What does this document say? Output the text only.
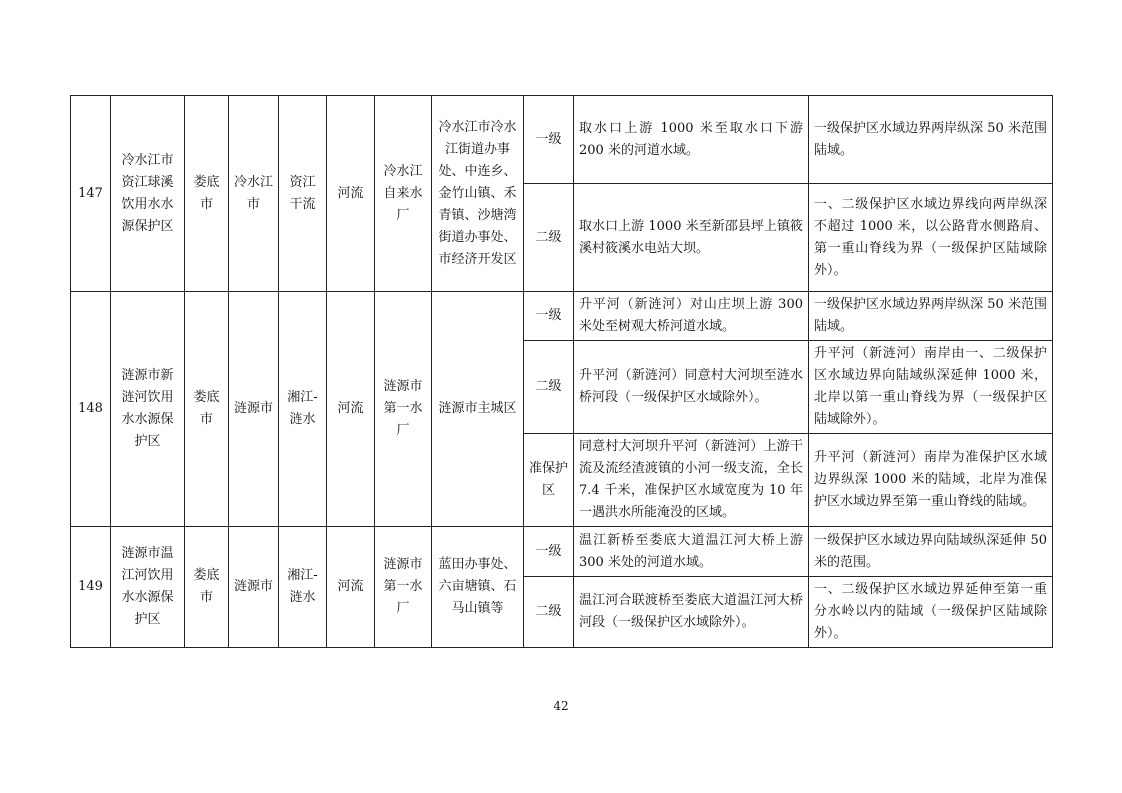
147	冷水江市资江球溪饮用水水源保护区	娄底市	冷水江市	资江干流	河流	冷水江自来水厂	冷水江市冷水江街道办事处、中连乡、金竹山镇、禾青镇、沙塘湾街道办事处、市经济开发区	一级	取水口上游 1000 米至取水口下游 200 米的河道水域。	一级保护区水域边界两岸纵深 50 米范围陆域。
								二级	取水口上游 1000 米至新邵县坪上镇筱溪村筱溪水电站大坝。	一、二级保护区水域边界线向两岸纵深不超过 1000 米，以公路背水侧路肩、第一重山脊线为界（一级保护区陆域除外）。
148	涟源市新涟河饮用水水源保护区	娄底市	涟源市	湘江-涟水	河流	涟源市第一水厂	涟源市主城区	一级	升平河（新涟河）对山庄坝上游 300 米处至树观大桥河道水域。	一级保护区水域边界两岸纵深 50 米范围陆域。
								二级	升平河（新涟河）同意村大河坝至涟水桥河段（一级保护区水域除外）。	升平河（新涟河）南岸由一、二级保护区水域边界向陆域纵深延伸 1000 米，北岸以第一重山脊线为界（一级保护区陆域除外）。
								准保护区	同意村大河坝升平河（新涟河）上游干流及流经渣渡镇的小河一级支流，全长 7.4 千米，准保护区水域宽度为 10 年一遇洪水所能淹没的区域。	升平河（新涟河）南岸为准保护区水域边界纵深 1000 米的陆域，北岸为准保护区水域边界至第一重山脊线的陆域。
149	涟源市温江河饮用水水源保护区	娄底市	涟源市	湘江-涟水	河流	涟源市第一水厂	蓝田办事处、六亩塘镇、石马山镇等	一级	温江新桥至娄底大道温江河大桥上游 300 米处的河道水域。	一级保护区水域边界向陆域纵深延伸 50 米的范围。
								二级	温江河合联渡桥至娄底大道温江河大桥河段（一级保护区水域除外）。	一、二级保护区水域边界延伸至第一重分水岭以内的陆域（一级保护区陆域除外）。
42
